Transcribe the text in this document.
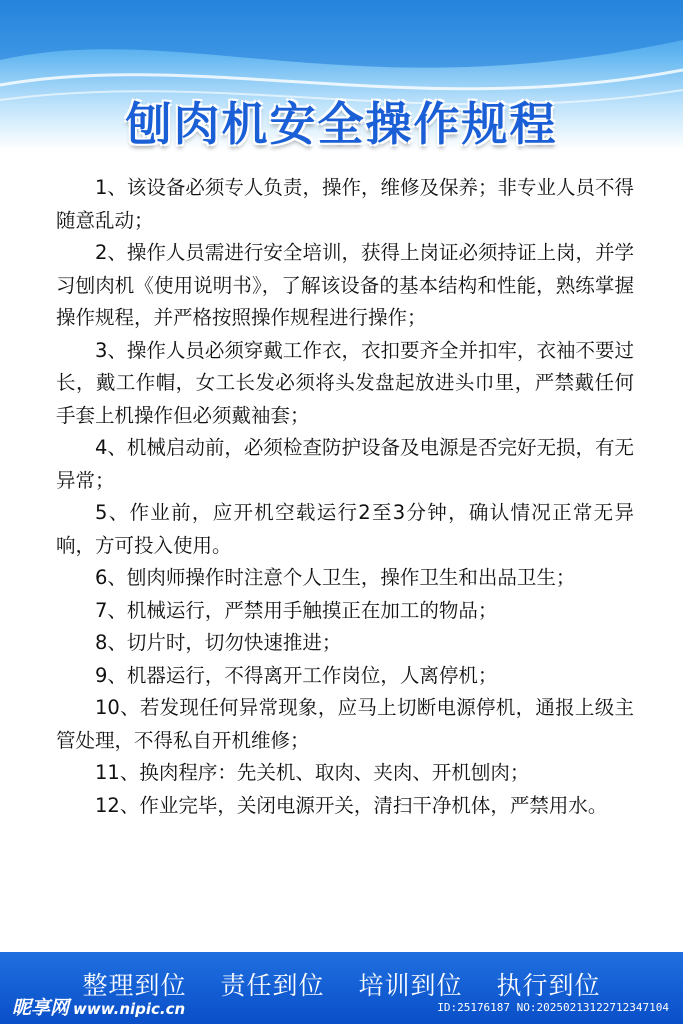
刨肉机安全操作规程

1、该设备必须专人负责，操作，维修及保养；非专业人员不得随意乱动；

2、操作人员需进行安全培训，获得上岗证必须持证上岗，并学习刨肉机《使用说明书》，了解该设备的基本结构和性能，熟练掌握操作规程，并严格按照操作规程进行操作；

3、操作人员必须穿戴工作衣，衣扣要齐全并扣牢，衣袖不要过长，戴工作帽，女工长发必须将头发盘起放进头巾里，严禁戴任何手套上机操作但必须戴袖套；

4、机械启动前，必须检查防护设备及电源是否完好无损，有无异常；

5、作业前，应开机空载运行2至3分钟，确认情况正常无异响，方可投入使用。

6、刨肉师操作时注意个人卫生，操作卫生和出品卫生；

7、机械运行，严禁用手触摸正在加工的物品；

8、切片时，切勿快速推进；

9、机器运行，不得离开工作岗位，人离停机；

10、若发现任何异常现象，应马上切断电源停机，通报上级主管处理，不得私自开机维修；

11、换肉程序：先关机、取肉、夹肉、开机刨肉；

12、作业完毕，关闭电源开关，清扫干净机体，严禁用水。

整理到位 责任到位 培训到位 执行到位
昵享网 www.nipic.cn	ID:25176187 NO:20250213122712347104
